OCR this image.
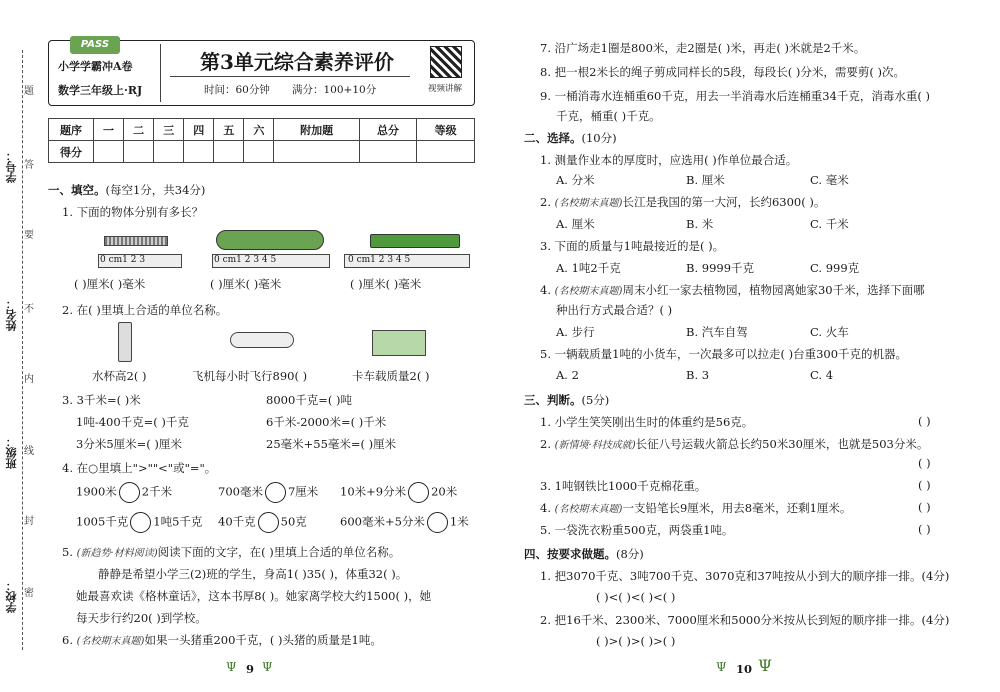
学号：
姓名：
班级：
学校：
题
答
要
不
内
线
封
密
PASS
小学学霸冲A卷
数学三年级上·RJ
第3单元综合素养评价
时间：60分钟 满分：100+10分	视频讲解
题序	一	二	三	四	五	六	附加题	总分	等级
得分									
一、填空。(每空1分，共34分)
1. 下面的物体分别有多长？
0 cm1 2 3	0 cm1 2 3 4 5	0 cm1 2 3 4 5
( )厘米( )毫米	( )厘米( )毫米	( )厘米( )毫米
2. 在( )里填上合适的单位名称。
水杯高2( )	飞机每小时飞行890( )	卡车载质量2( )
3. 3千米=( )米	8000千克=( )吨
1吨-400千克=( )千克	6千米-2000米=( )千米
3分米5厘米=( )厘米	25毫米+55毫米=( )厘米
4. 在○里填上">""<"或"="。
1900米 2千米	700毫米 7厘米 10米+9分米 20米
1005千克 1吨5千克 40千克 50克	600毫米+5分米 1米
5. (新趋势·材料阅读)阅读下面的文字，在( )里填上合适的单位名称。
静静是希望小学三(2)班的学生，身高1( )35( )，体重32( )。
她最喜欢读《格林童话》，这本书厚8( )。她家离学校大约1500( )，她
每天步行约20( )到学校。
6. (名校期末真题)如果一头猪重200千克，( )头猪的质量是1吨。
Ψ 9 Ψ
7. 沿广场走1圈是800米，走2圈是( )米，再走( )米就是2千米。
8. 把一根2米长的绳子剪成同样长的5段，每段长( )分米，需要剪( )次。
9. 一桶消毒水连桶重60千克，用去一半消毒水后连桶重34千克，消毒水重( )
千克，桶重( )千克。
二、选择。(10分)
1. 测量作业本的厚度时，应选用( )作单位最合适。
A. 分米	B. 厘米	C. 毫米
2. (名校期末真题)长江是我国的第一大河，长约6300( )。
A. 厘米	B. 米	C. 千米
3. 下面的质量与1吨最接近的是( )。
A. 1吨2千克	B. 9999千克	C. 999克
4. (名校期末真题)周末小红一家去植物园，植物园离她家30千米，选择下面哪
种出行方式最合适？( )
A. 步行	B. 汽车自驾	C. 火车
5. 一辆载质量1吨的小货车，一次最多可以拉走( )台重300千克的机器。
A. 2	B. 3	C. 4
三、判断。(5分)
1. 小学生笑笑刚出生时的体重约是56克。	( )
2. (新情境·科技成就)长征八号运载火箭总长约50米30厘米，也就是503分米。
( )
3. 1吨钢铁比1000千克棉花重。	( )
4. (名校期末真题)一支铅笔长9厘米，用去8毫米，还剩1厘米。	( )
5. 一袋洗衣粉重500克，两袋重1吨。	( )
四、按要求做题。(8分)
1. 把3070千克、3吨700千克、3070克和37吨按从小到大的顺序排一排。(4分)
( )<( )<( )<( )
2. 把16千米、2300米、7000厘米和5000分米按从长到短的顺序排一排。(4分)
( )>( )>( )>( )
Ψ 10 Ψ
